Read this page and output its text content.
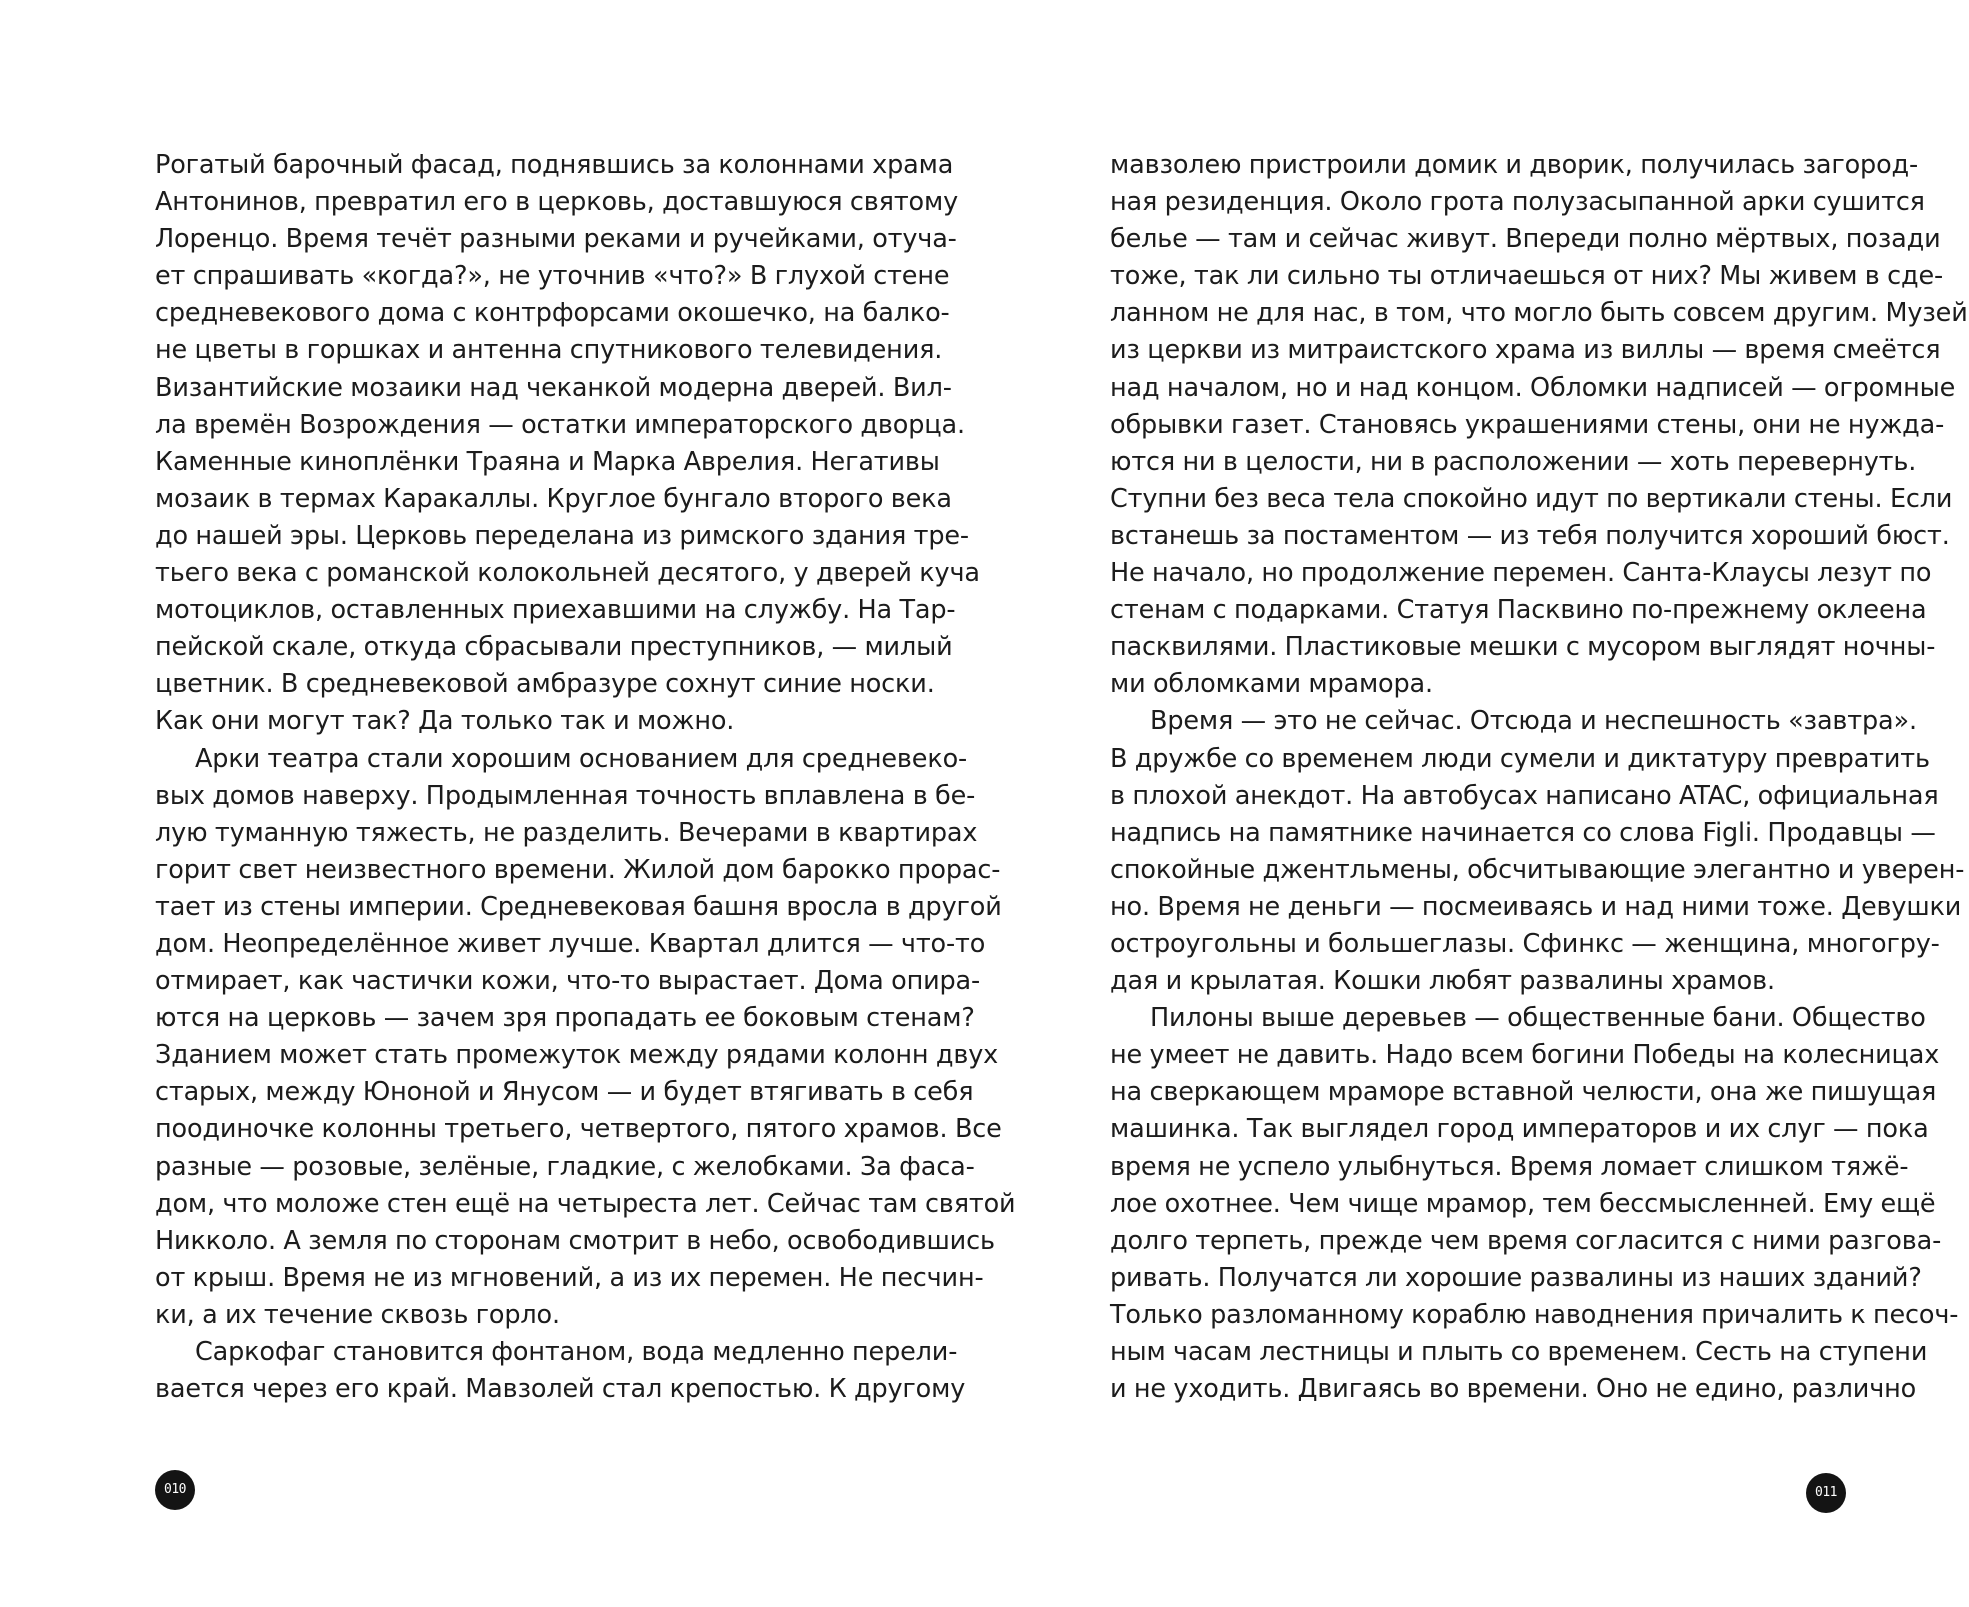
Рогатый барочный фасад, поднявшись за колоннами храма
Антонинов, превратил его в церковь, доставшуюся святому
Лоренцо. Время течёт разными реками и ручейками, отуча-
ет спрашивать «когда?», не уточнив «что?» В глухой стене
средневекового дома с контрфорсами окошечко, на балко-
не цветы в горшках и антенна спутникового телевидения.
Византийские мозаики над чеканкой модерна дверей. Вил-
ла времён Возрождения — остатки императорского дворца.
Каменные киноплёнки Траяна и Марка Аврелия. Негативы
мозаик в термах Каракаллы. Круглое бунгало второго века
до нашей эры. Церковь переделана из римского здания тре-
тьего века с романской колокольней десятого, у дверей куча
мотоциклов, оставленных приехавшими на службу. На Тар-
пейской скале, откуда сбрасывали преступников, — милый
цветник. В средневековой амбразуре сохнут синие носки.
Как они могут так? Да только так и можно.
Арки театра стали хорошим основанием для средневеко-
вых домов наверху. Продымленная точность вплавлена в бе-
лую туманную тяжесть, не разделить. Вечерами в квартирах
горит свет неизвестного времени. Жилой дом барокко прорас-
тает из стены империи. Средневековая башня вросла в другой
дом. Неопределённое живет лучше. Квартал длится — что-то
отмирает, как частички кожи, что-то вырастает. Дома опира-
ются на церковь — зачем зря пропадать ее боковым стенам?
Зданием может стать промежуток между рядами колонн двух
старых, между Юноной и Янусом — и будет втягивать в себя
поодиночке колонны третьего, четвертого, пятого храмов. Все
разные — розовые, зелёные, гладкие, с желобками. За фаса-
дом, что моложе стен ещё на четыреста лет. Сейчас там святой
Никколо. А земля по сторонам смотрит в небо, освободившись
от крыш. Время не из мгновений, а из их перемен. Не песчин-
ки, а их течение сквозь горло.
Саркофаг становится фонтаном, вода медленно перели-
вается через его край. Мавзолей стал крепостью. К другому
мавзолею пристроили домик и дворик, получилась загород-
ная резиденция. Около грота полузасыпанной арки сушится
белье — там и сейчас живут. Впереди полно мёртвых, позади
тоже, так ли сильно ты отличаешься от них? Мы живем в сде-
ланном не для нас, в том, что могло быть совсем другим. Музей
из церкви из митраистского храма из виллы — время смеётся
над началом, но и над концом. Обломки надписей — огромные
обрывки газет. Становясь украшениями стены, они не нужда-
ются ни в целости, ни в расположении — хоть перевернуть.
Ступни без веса тела спокойно идут по вертикали стены. Если
встанешь за постаментом — из тебя получится хороший бюст.
Не начало, но продолжение перемен. Санта-Клаусы лезут по
стенам с подарками. Статуя Пасквино по-прежнему оклеена
пасквилями. Пластиковые мешки с мусором выглядят ночны-
ми обломками мрамора.
Время — это не сейчас. Отсюда и неспешность «завтра».
В дружбе со временем люди сумели и диктатуру превратить
в плохой анекдот. На автобусах написано ATAC, официальная
надпись на памятнике начинается со слова Figli. Продавцы —
спокойные джентльмены, обсчитывающие элегантно и уверен-
но. Время не деньги — посмеиваясь и над ними тоже. Девушки
остроугольны и большеглазы. Сфинкс — женщина, многогру-
дая и крылатая. Кошки любят развалины храмов.
Пилоны выше деревьев — общественные бани. Общество
не умеет не давить. Надо всем богини Победы на колесницах
на сверкающем мраморе вставной челюсти, она же пишущая
машинка. Так выглядел город императоров и их слуг — пока
время не успело улыбнуться. Время ломает слишком тяжё-
лое охотнее. Чем чище мрамор, тем бессмысленней. Ему ещё
долго терпеть, прежде чем время согласится с ними разгова-
ривать. Получатся ли хорошие развалины из наших зданий?
Только разломанному кораблю наводнения причалить к песоч-
ным часам лестницы и плыть со временем. Сесть на ступени
и не уходить. Двигаясь во времени. Оно не едино, различно
010	011
